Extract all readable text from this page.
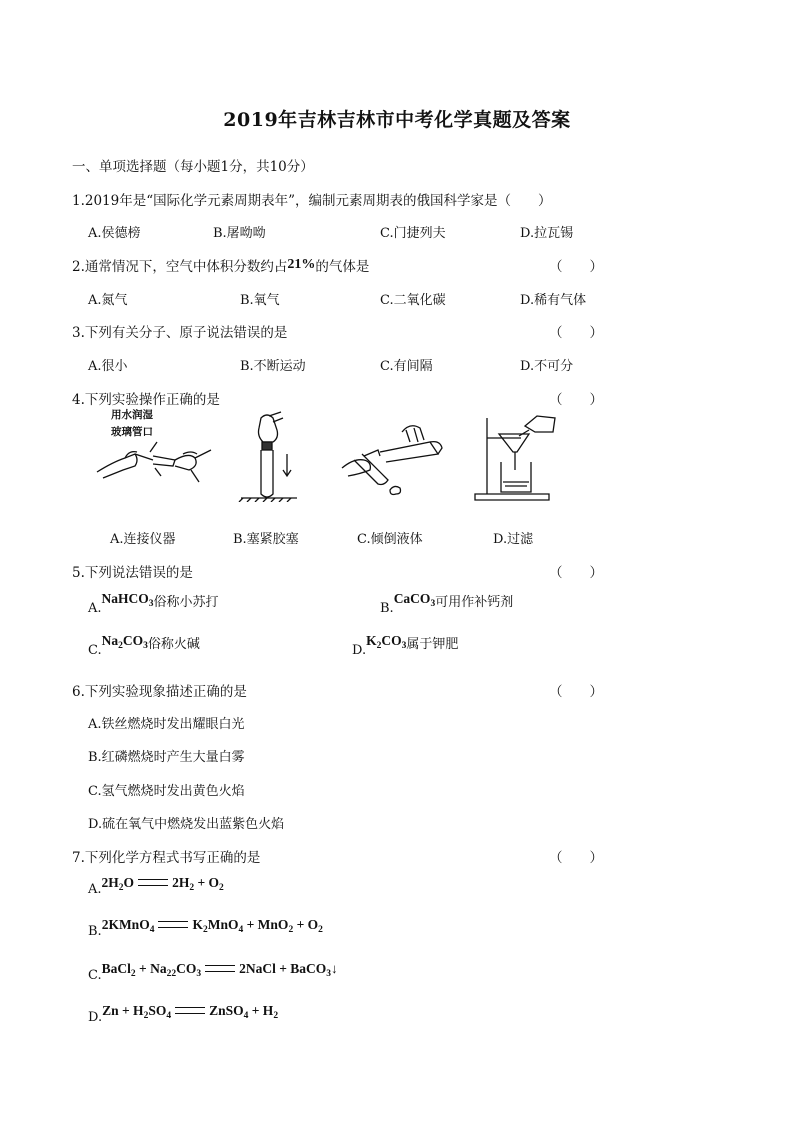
2019年吉林吉林市中考化学真题及答案
一、单项选择题（每小题1分，共10分）
1.2019年是“国际化学元素周期表年”，编制元素周期表的俄国科学家是（　　）
A.侯德榜	B.屠呦呦	C.门捷列夫	D.拉瓦锡
2.通常情况下，空气中体积分数约占21%的气体是	（　　）
A.氮气	B.氧气	C.二氧化碳	D.稀有气体
3.下列有关分子、原子说法错误的是	（　　）
A.很小	B.不断运动	C.有间隔	D.不可分
4.下列实验操作正确的是	（　　）
用水润湿
玻璃管口
A.连接仪器	B.塞紧胶塞	C.倾倒液体	D.过滤
5.下列说法错误的是	（　　）
A.NaHCO$_3$俗称小苏打	B.CaCO$_3$可用作补钙剂
$C.Na_2CO_3$俗称火碱	$D.K_2CO_3$属于钾肥
6.下列实验现象描述正确的是	（　　）
A.铁丝燃烧时发出耀眼白光
B.红磷燃烧时产生大量白雾
C.氢气燃烧时发出黄色火焰
D.硫在氧气中燃烧发出蓝紫色火焰
7.下列化学方程式书写正确的是	（　　）
$A.2H_2O$	$2H_2 + O_2$
B.2KMnO$_4$	$K_2MnO_4 + MnO_2 + O_2$
C.BaCl$_2$ + $Na_{22}CO_3$	2NaCl + BaCO$_3$↓
$D.Zn + H_2SO_4$	ZnSO$_4$ + $H_2$
